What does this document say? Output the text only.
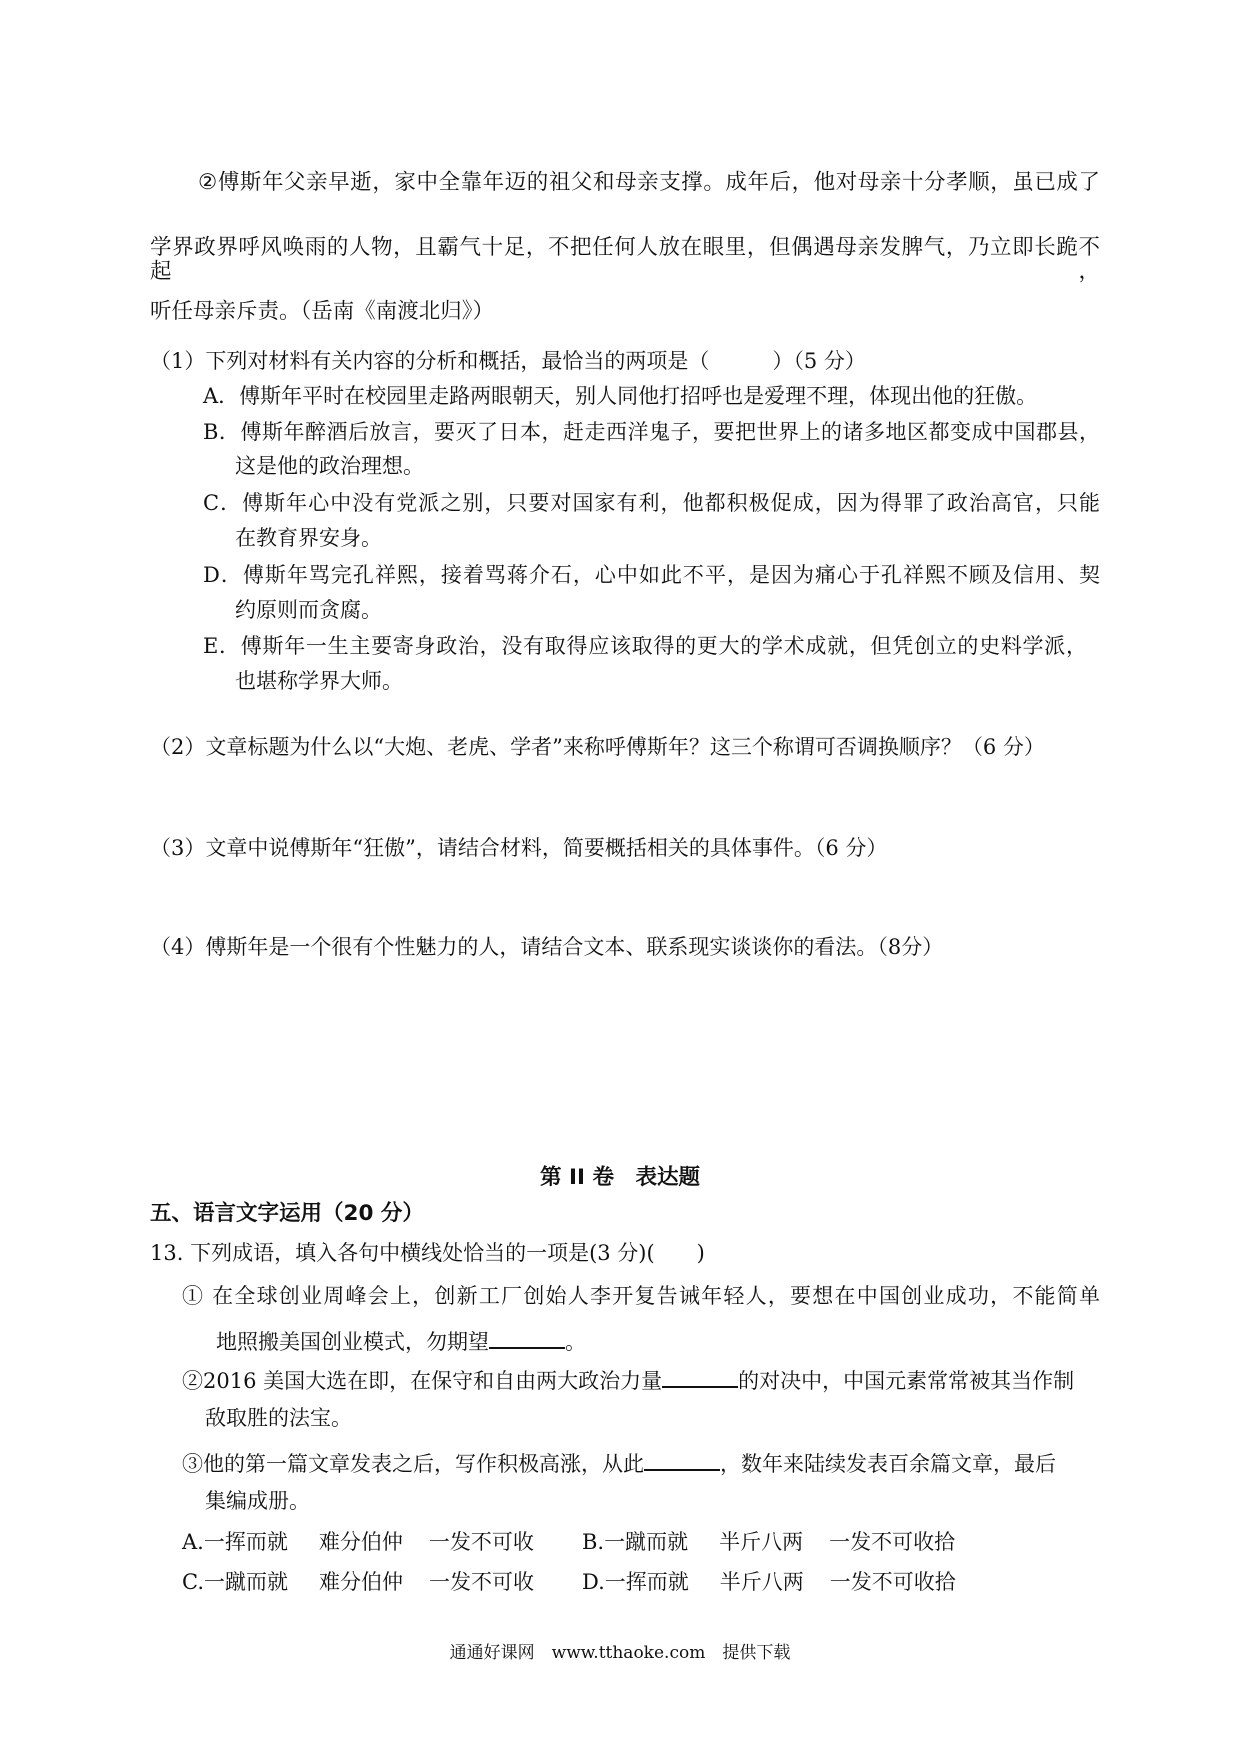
②傅斯年父亲早逝，家中全靠年迈的祖父和母亲支撑。成年后，他对母亲十分孝顺，虽已成了
学界政界呼风唤雨的人物，且霸气十足，不把任何人放在眼里，但偶遇母亲发脾气，乃立即长跪不起，
听任母亲斥责。（岳南《南渡北归》）
（1）下列对材料有关内容的分析和概括，最恰当的两项是（　　　）（5 分）
A．傅斯年平时在校园里走路两眼朝天，别人同他打招呼也是爱理不理，体现出他的狂傲。
B．傅斯年醉酒后放言，要灭了日本，赶走西洋鬼子，要把世界上的诸多地区都变成中国郡县，
这是他的政治理想。
C．傅斯年心中没有党派之别，只要对国家有利，他都积极促成，因为得罪了政治高官，只能
在教育界安身。
D．傅斯年骂完孔祥熙，接着骂蒋介石，心中如此不平，是因为痛心于孔祥熙不顾及信用、契
约原则而贪腐。
E．傅斯年一生主要寄身政治，没有取得应该取得的更大的学术成就，但凭创立的史料学派，
也堪称学界大师。
（2）文章标题为什么以“大炮、老虎、学者”来称呼傅斯年？这三个称谓可否调换顺序？（6 分）
（3）文章中说傅斯年“狂傲”，请结合材料，简要概括相关的具体事件。（6 分）
（4）傅斯年是一个很有个性魅力的人，请结合文本、联系现实谈谈你的看法。（8分）
第 II 卷　表达题
五、语言文字运用（20 分）
13. 下列成语，填入各句中横线处恰当的一项是(3 分)(　　)
① 在全球创业周峰会上，创新工厂创始人李开复告诫年轻人，要想在中国创业成功，不能简单
地照搬美国创业模式，勿期望	。
②2016 美国大选在即，在保守和自由两大政治力量	的对决中，中国元素常常被其当作制
敌取胜的法宝。
③他的第一篇文章发表之后，写作积极高涨，从此	，数年来陆续发表百余篇文章，最后
集编成册。
A.一挥而就 难分伯仲 一发不可收 B.一蹴而就 半斤八两 一发不可收拾
C.一蹴而就 难分伯仲 一发不可收 D.一挥而就 半斤八两 一发不可收拾
通通好课网　www.tthaoke.com　提供下载
